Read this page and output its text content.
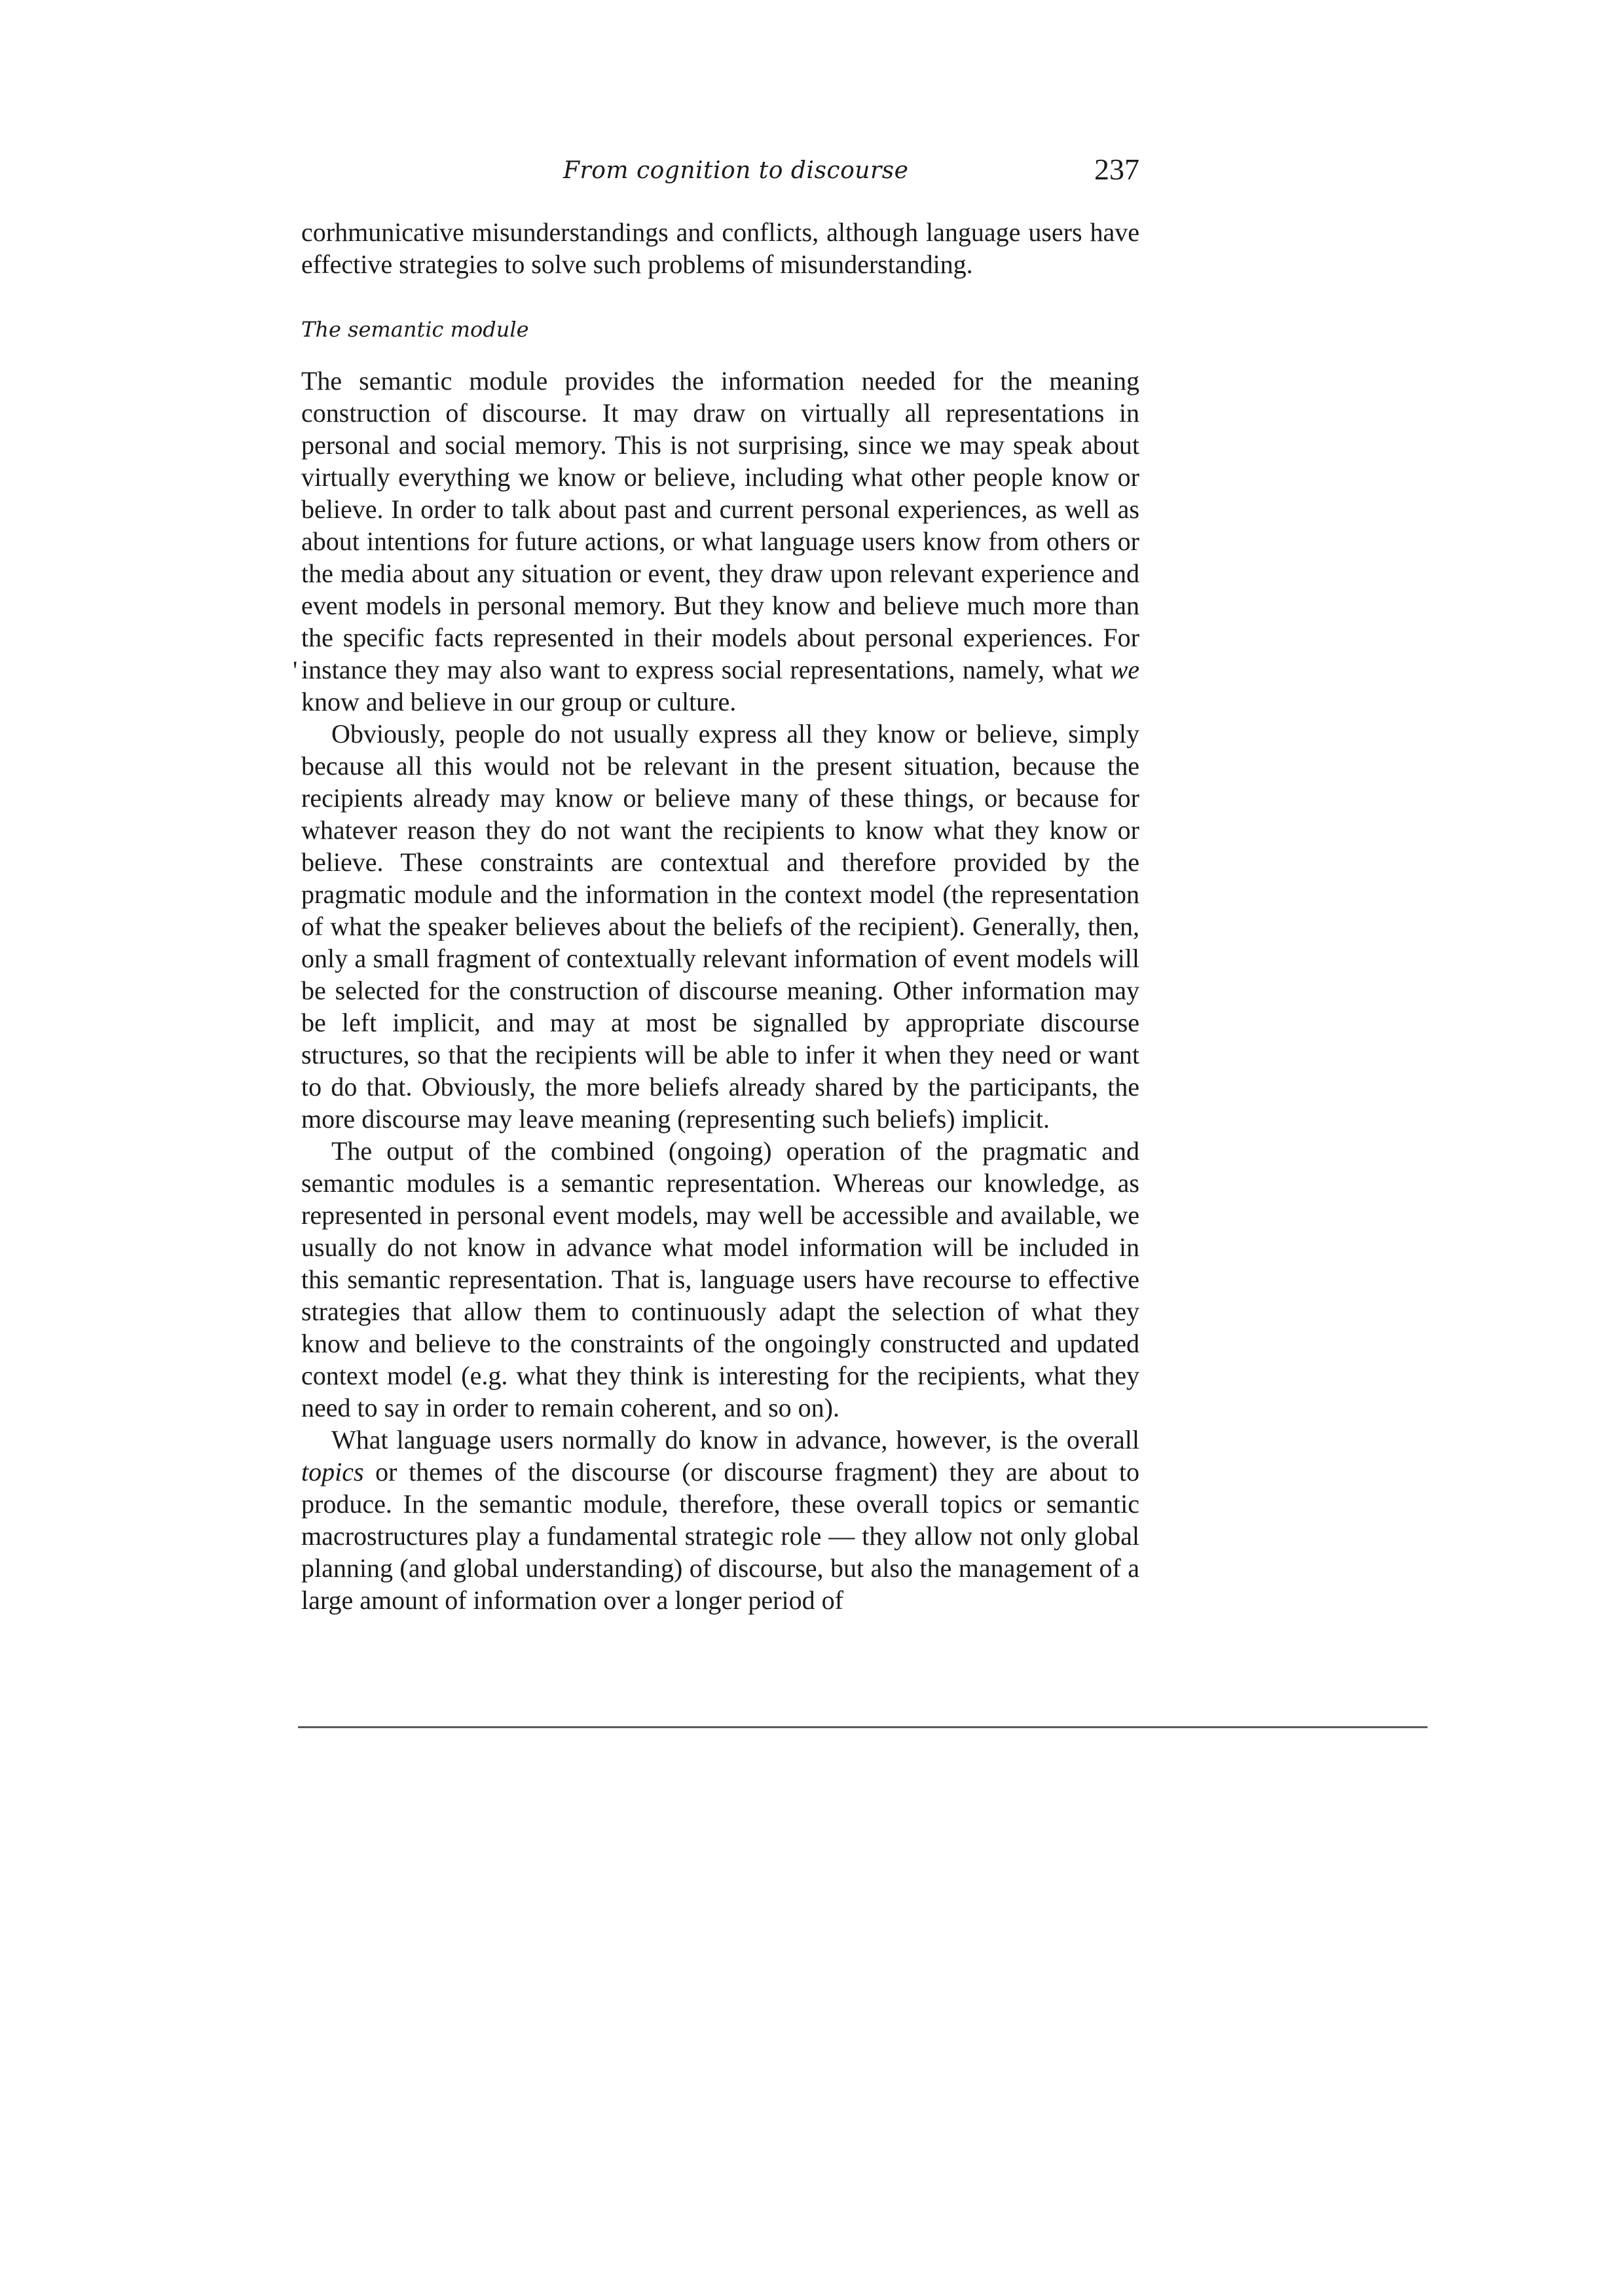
From cognition to discourse	237
'

corhmunicative misunderstandings and conflicts, although language users have effective strategies to solve such problems of misunderstanding.

The semantic module

The semantic module provides the information needed for the meaning construction of discourse. It may draw on virtually all representations in personal and social memory. This is not surprising, since we may speak about virtually everything we know or believe, including what other people know or believe. In order to talk about past and current personal experiences, as well as about intentions for future actions, or what language users know from others or the media about any situation or event, they draw upon relevant experience and event models in personal memory. But they know and believe much more than the specific facts represented in their models about personal experiences. For instance they may also want to express social representations, namely, what we know and believe in our group or culture.

Obviously, people do not usually express all they know or believe, simply because all this would not be relevant in the present situation, because the recipients already may know or believe many of these things, or because for whatever reason they do not want the recipients to know what they know or believe. These constraints are contextual and therefore provided by the pragmatic module and the information in the context model (the representation of what the speaker believes about the beliefs of the recipient). Generally, then, only a small fragment of contextually relevant information of event models will be selected for the construction of discourse meaning. Other information may be left implicit, and may at most be signalled by appropriate discourse structures, so that the recipients will be able to infer it when they need or want to do that. Obviously, the more beliefs already shared by the participants, the more discourse may leave meaning (representing such beliefs) implicit.

The output of the combined (ongoing) operation of the pragmatic and semantic modules is a semantic representation. Whereas our knowledge, as represented in personal event models, may well be accessible and available, we usually do not know in advance what model information will be included in this semantic representation. That is, language users have recourse to effective strategies that allow them to continuously adapt the selection of what they know and believe to the constraints of the ongoingly constructed and updated context model (e.g. what they think is interesting for the recipients, what they need to say in order to remain coherent, and so on).

What language users normally do know in advance, however, is the overall topics or themes of the discourse (or discourse fragment) they are about to produce. In the semantic module, therefore, these overall topics or semantic macrostructures play a fundamental strategic role — they allow not only global planning (and global understanding) of discourse, but also the management of a large amount of information over a longer period of
